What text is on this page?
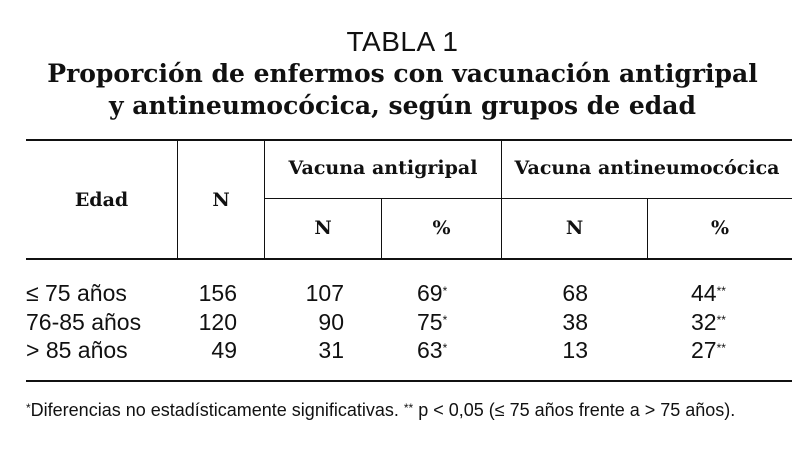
TABLA 1
Proporción de enfermos con vacunación antigripal
y antineumocócica, según grupos de edad
Edad	N
Vacuna antigripal	Vacuna antineumocócica
N	%	N	%
≤ 75 años	156	107	69*	68	44**
76-85 años	120	90	75*	38	32**
> 85 años	49	31	63*	13	27**
*Diferencias no estadísticamente significativas. ** p < 0,05 (≤ 75 años frente a > 75 años).
